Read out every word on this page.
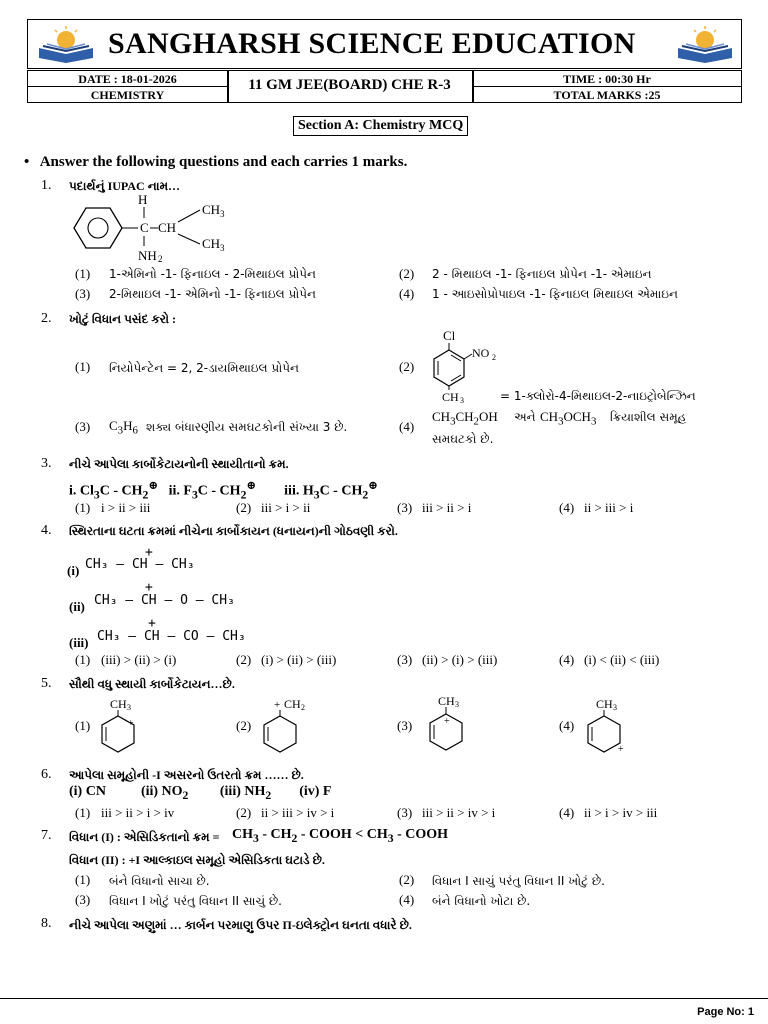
SANGHARSH SCIENCE EDUCATION
DATE : 18-01-2026
CHEMISTRY
11 GM JEE(BOARD) CHE R-3	TIME : 00:30 Hr
TOTAL MARKS :25
Section A: Chemistry MCQ
•   Answer the following questions and each carries 1 marks.
1. પદાર્થનું IUPAC નામ…
H
C CH
CH 3
CH 3
NH 2
(1) 1-એમિનો -1- ફિનાઇલ - 2-મિથાઇલ પ્રોપેન	(2) 2 - મિથાઇલ -1- ફિનાઇલ પ્રોપેન -1- એમાઇન
(3) 2-મિથાઇલ -1- એમિનો -1- ફિનાઇલ પ્રોપેન	(4) 1 - આઇસોપ્રોપાઇલ -1- ફિનાઇલ મિથાઇલ એમાઇન
2. ખોટું વિધાન પસંદ કરો :
(1) નિયોપેન્ટેન = 2, 2-ડાયમિથાઇલ પ્રોપેન	(2)
Cl
NO 2
CH 3	= 1-ક્લોરો-4-મિથાઇલ-2-નાઇટ્રોબેન્ઝિન
(3) $C_3H_6$ શક્ય બંધારણીય સમઘટકોની સંખ્યા 3 છે.	(4)
$CH_3CH_2OH$ અને $CH_3OCH_3$ ક્રિયાશીલ સમૂહ
સમઘટકો છે.
3. નીચે આપેલા કાર્બોકેટાયનોની સ્થાયીતાનો ક્રમ.
i. $Cl_3C - CH_2^\oplus$ ii. $F_3C - CH_2^\oplus$ iii. $H_3C - CH_2^\oplus$
(1) i > ii > iii	(2) iii > i > ii	(3) iii > ii > i	(4) ii > iii > i
4. સ્થિરતાના ઘટતા ક્રમમાં નીચેના કાર્બોકાયન (ધનાયન)ની ગોઠવણી કરો.
(i)
+
CH₃ – CH – CH₃
(ii)
+
CH₃ – CH – O – CH₃
(iii)
+
CH₃ – CH – CO – CH₃
(1) (iii) > (ii) > (i)	(2) (i) > (ii) > (iii)	(3) (ii) > (i) > (iii)	(4) (i) < (ii) < (iii)
5. સૌથી વધુ સ્થાયી કાર્બોકેટાયન…છે.
(1)
CH 3
+	(2)
+ CH 2
(3)
CH 3
+	(4)
CH 3
+
6. આપેલા સમૂહોની -I અસરનો ઉતરતો ક્રમ …… છે.
(i) CN	(ii) $NO_2$ (iii) $NH_2$ (iv) F
(1) iii > ii > i > iv	(2) ii > iii > iv > i	(3) iii > ii > iv > i	(4) ii > i > iv > iii
7. વિધાન (I) : એસિડિકતાનો ક્રમ = $CH_3 - CH_2$ - COOH < $CH_3$ - COOH
વિધાન (II) : +I આલ્કાઇલ સમૂહો એસિડિકતા ઘટાડે છે.
(1) બંને વિધાનો સાચા છે.	(2) વિધાન I સાચું પરંતુ વિધાન II ખોટું છે.
(3) વિધાન I ખોટું પરંતુ વિધાન II સાચું છે.	(4) બંને વિધાનો ખોટા છે.
8. નીચે આપેલા અણુમાં … કાર્બન પરમાણુ ઉપર Π-ઇલેક્ટ્રોન ઘનતા વધારે છે.
Page No: 1
